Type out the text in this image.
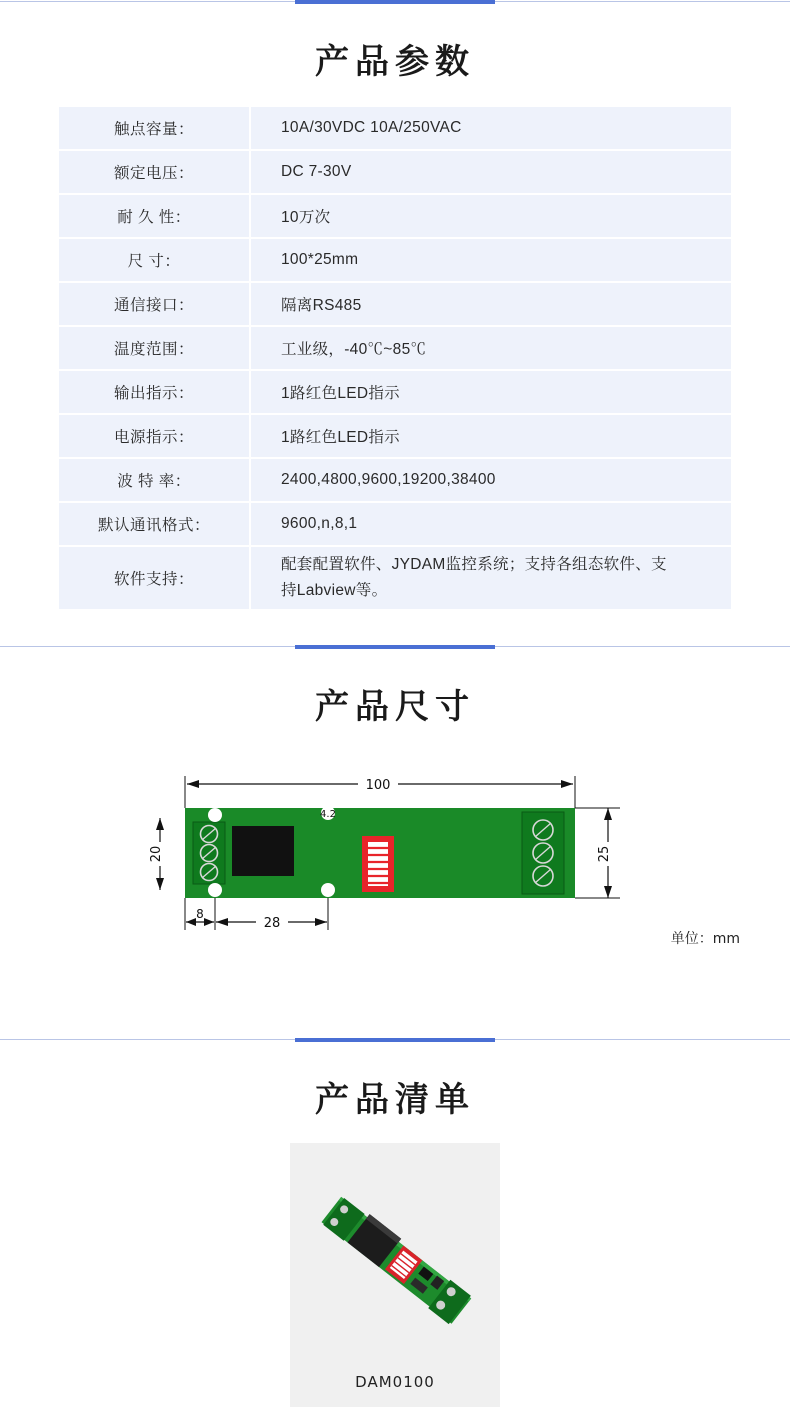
产品参数
触点容量：	10A/30VDC 10A/250VAC
额定电压：	DC 7-30V
耐 久 性：	10万次
尺 寸：	100*25mm
通信接口：	隔离RS485
温度范围：	工业级，-40℃~85℃
输出指示：	1路红色LED指示
电源指示：	1路红色LED指示
波 特 率：	2400,4800,9600,19200,38400
默认通讯格式：	9600,n,8,1
软件支持：	配套配置软件、JYDAM监控系统；支持各组态软件、支持Labview等。
产品尺寸
100
25
20
8
28
4.2
单位：mm
产品清单
DAM0100
